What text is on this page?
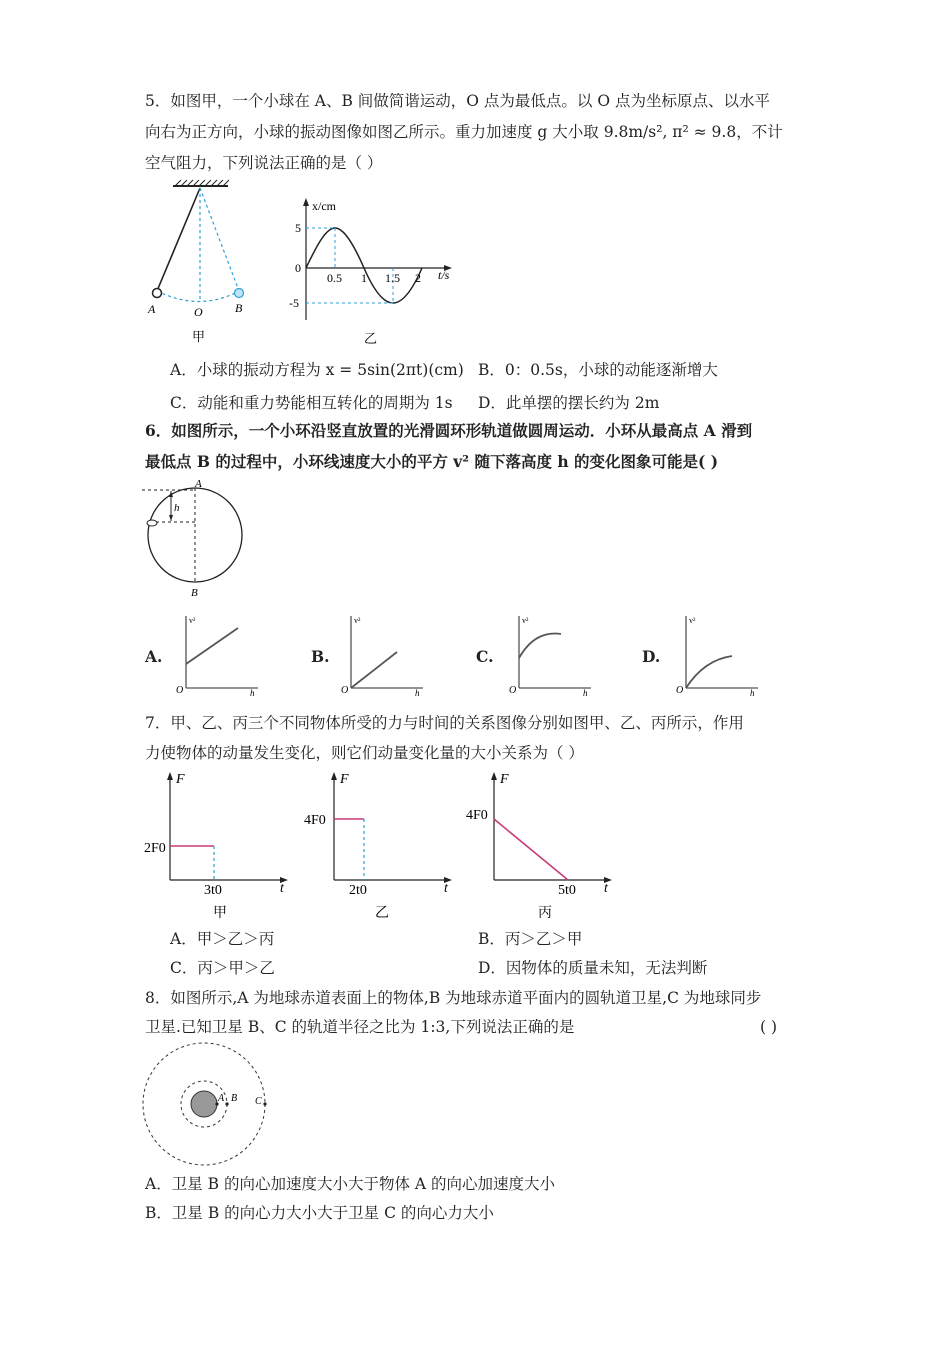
5．如图甲，一个小球在 A、B 间做简谐运动，O 点为最低点。以 O 点为坐标原点、以水平
向右为正方向，小球的振动图像如图乙所示。重力加速度 g 大小取 9.8m/s², π² ≈ 9.8，不计
空气阻力，下列说法正确的是（ ）
A	O	B
甲
x/cm
t/s
5
0
-5
0.5 1 1.5 2
乙
A．小球的振动方程为 x = 5sin(2πt)(cm) B．0：0.5s，小球的动能逐渐增大
C．动能和重力势能相互转化的周期为 1s D．此单摆的摆长约为 2m
6．如图所示，一个小环沿竖直放置的光滑圆环形轨道做圆周运动．小环从最高点 A 滑到
最低点 B 的过程中，小环线速度大小的平方 v² 随下落高度 h 的变化图象可能是( )
A
h
B
A.
v²
h
O
B.
v²
h
O
C.
v²
h
O
D.
v²
h
O
7．甲、乙、丙三个不同物体所受的力与时间的关系图像分别如图甲、乙、丙所示，作用
力使物体的动量发生变化，则它们动量变化量的大小关系为（ ）
F
t
2F0
3t0
甲
F
t
4F0
2t0
乙
F
t
4F0
5t0
丙
A．甲＞乙＞丙	B．丙＞乙＞甲
C．丙＞甲＞乙	D．因物体的质量未知，无法判断
8．如图所示,A 为地球赤道表面上的物体,B 为地球赤道平面内的圆轨道卫星,C 为地球同步
卫星.已知卫星 B、C 的轨道半径之比为 1:3,下列说法正确的是	( )
A B C
A．卫星 B 的向心加速度大小大于物体 A 的向心加速度大小
B．卫星 B 的向心力大小大于卫星 C 的向心力大小
